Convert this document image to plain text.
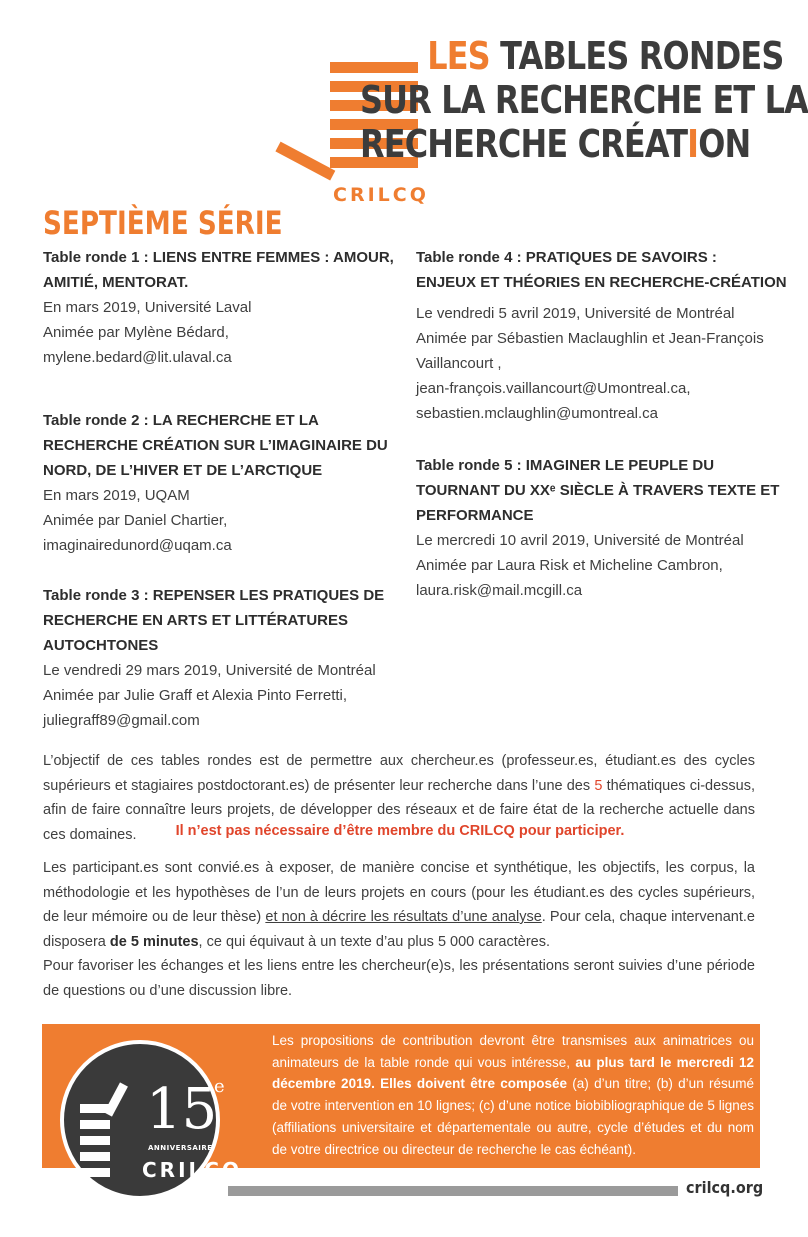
CRILCQ
LES TABLES RONDES
SUR LA RECHERCHE ET LA
RECHERCHE CRÉATION
SEPTIÈME SÉRIE
Table ronde 1 : LIENS ENTRE FEMMES : AMOUR,
AMITIÉ, MENTORAT.
En mars 2019, Université Laval
Animée par Mylène Bédard,
mylene.bedard@lit.ulaval.ca
Table ronde 2 : LA RECHERCHE ET LA
RECHERCHE CRÉATION SUR L’IMAGINAIRE DU
NORD, DE L’HIVER ET DE L’ARCTIQUE
En mars 2019, UQAM
Animée par Daniel Chartier,
imaginairedunord@uqam.ca
Table ronde 3 : REPENSER LES PRATIQUES DE
RECHERCHE EN ARTS ET LITTÉRATURES
AUTOCHTONES
Le vendredi 29 mars 2019, Université de Montréal
Animée par Julie Graff et Alexia Pinto Ferretti,
juliegraff89@gmail.com
Table ronde 4 : PRATIQUES DE SAVOIRS :
ENJEUX ET THÉORIES EN RECHERCHE-CRÉATION
Le vendredi 5 avril 2019, Université de Montréal
Animée par Sébastien Maclaughlin et Jean-François
Vaillancourt ,
jean-françois.vaillancourt@Umontreal.ca,
sebastien.mclaughlin@umontreal.ca
Table ronde 5 : IMAGINER LE PEUPLE DU
TOURNANT DU XXᵉ SIÈCLE À TRAVERS TEXTE ET
PERFORMANCE
Le mercredi 10 avril 2019, Université de Montréal
Animée par Laura Risk et Micheline Cambron,
laura.risk@mail.mcgill.ca

L’objectif de ces tables rondes est de permettre aux chercheur.es (professeur.es, étudiant.es des cycles supérieurs et stagiaires postdoctorant.es) de présenter leur recherche dans l’une des 5 thématiques ci-dessus, afin de faire connaître leurs projets, de développer des réseaux et de faire état de la recherche actuelle dans ces domaines.	Il n’est pas nécessaire d’être membre du CRILCQ pour participer.

Les participant.es sont convié.es à exposer, de manière concise et synthétique, les objectifs, les corpus, la méthodologie et les hypothèses de l’un de leurs projets en cours (pour les étudiant.es des cycles supérieurs, de leur mémoire ou de leur thèse) et non à décrire les résultats d’une analyse. Pour cela, chaque intervenant.e disposera de 5 minutes, ce qui équivaut à un texte d’au plus 5 000 caractères.

Pour favoriser les échanges et les liens entre les chercheur(e)s, les présentations seront suivies d’une période de questions ou d’une discussion libre.

Les propositions de contribution devront être transmises aux animatrices ou animateurs de la table ronde qui vous intéresse, au plus tard le mercredi 12 décembre 2019. Elles doivent être composée (a) d’un titre; (b) d’un résumé de votre intervention en 10 lignes; (c) d’une notice biobibliographique de 5 lignes (affiliations universitaire et départementale ou autre, cycle d’études et du nom de votre directrice ou directeur de recherche le cas échéant).

15
e
ANNIVERSAIRE
CRILCQ
crilcq.org
